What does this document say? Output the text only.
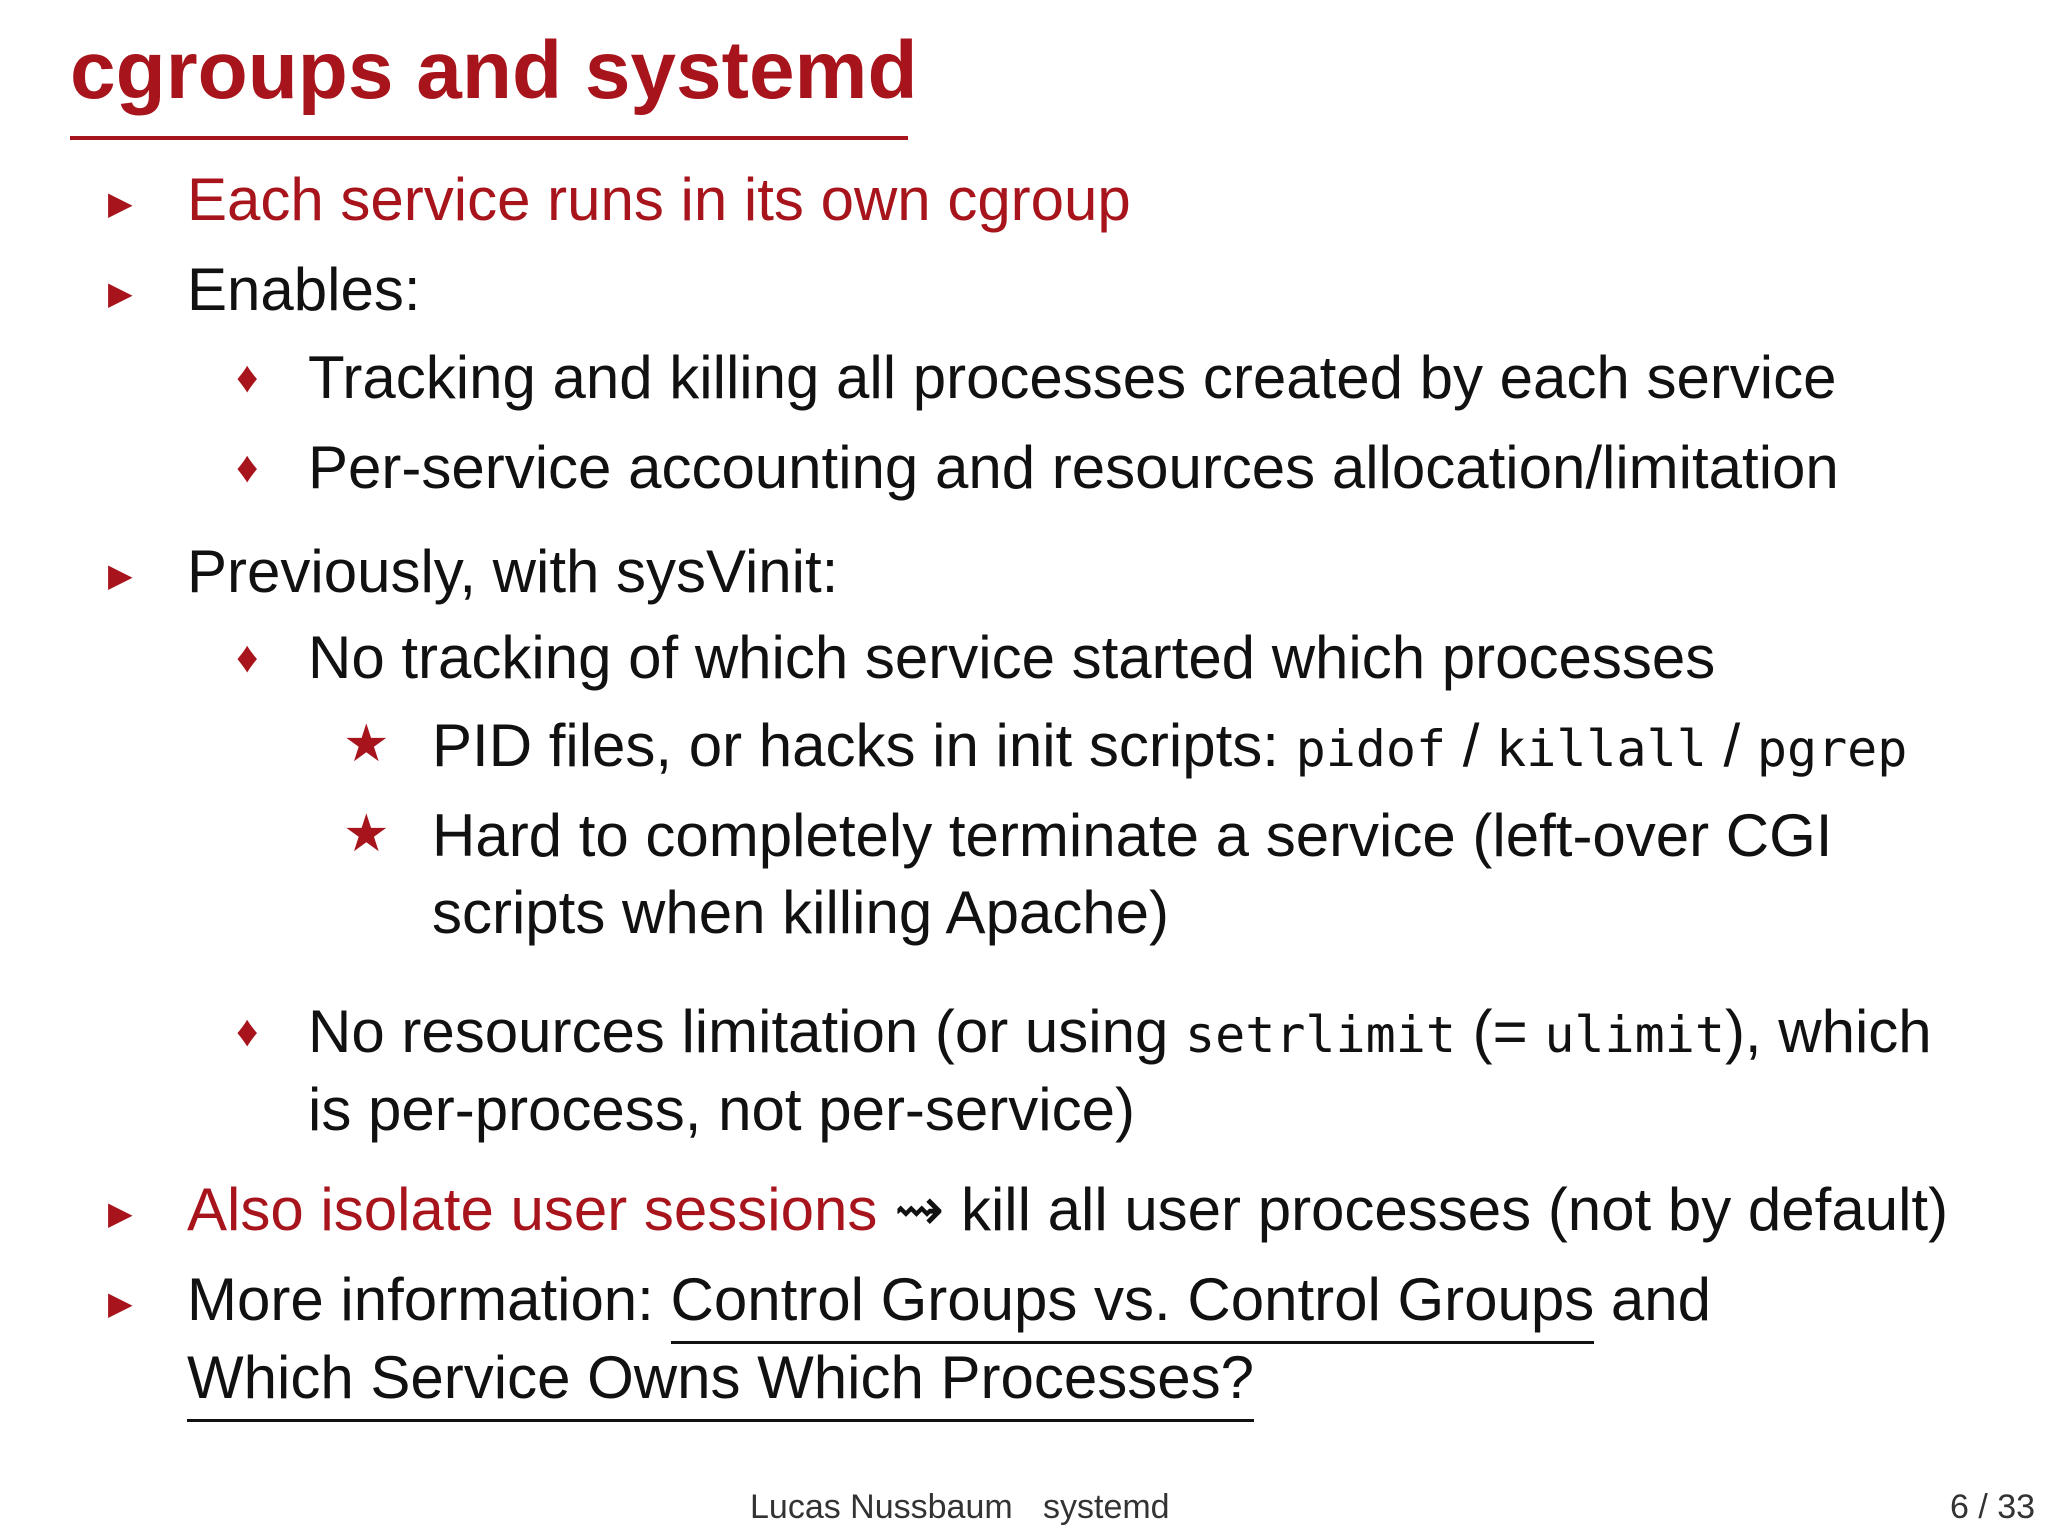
cgroups and systemd
▶ Each service runs in its own cgroup
▶ Enables:
♦ Tracking and killing all processes created by each service
♦ Per-service accounting and resources allocation/limitation
▶ Previously, with sysVinit:
♦ No tracking of which service started which processes
★ PID files, or hacks in init scripts: pidof / killall / pgrep
★ Hard to completely terminate a service (left-over CGI
scripts when killing Apache)
♦ No resources limitation (or using setrlimit (= ulimit), which
is per-process, not per-service)
▶ Also isolate user sessions ⇝ kill all user processes (not by default)
▶ More information: Control Groups vs. Control Groups and
Which Service Owns Which Processes?
Lucas Nussbaum systemd	6 / 33
